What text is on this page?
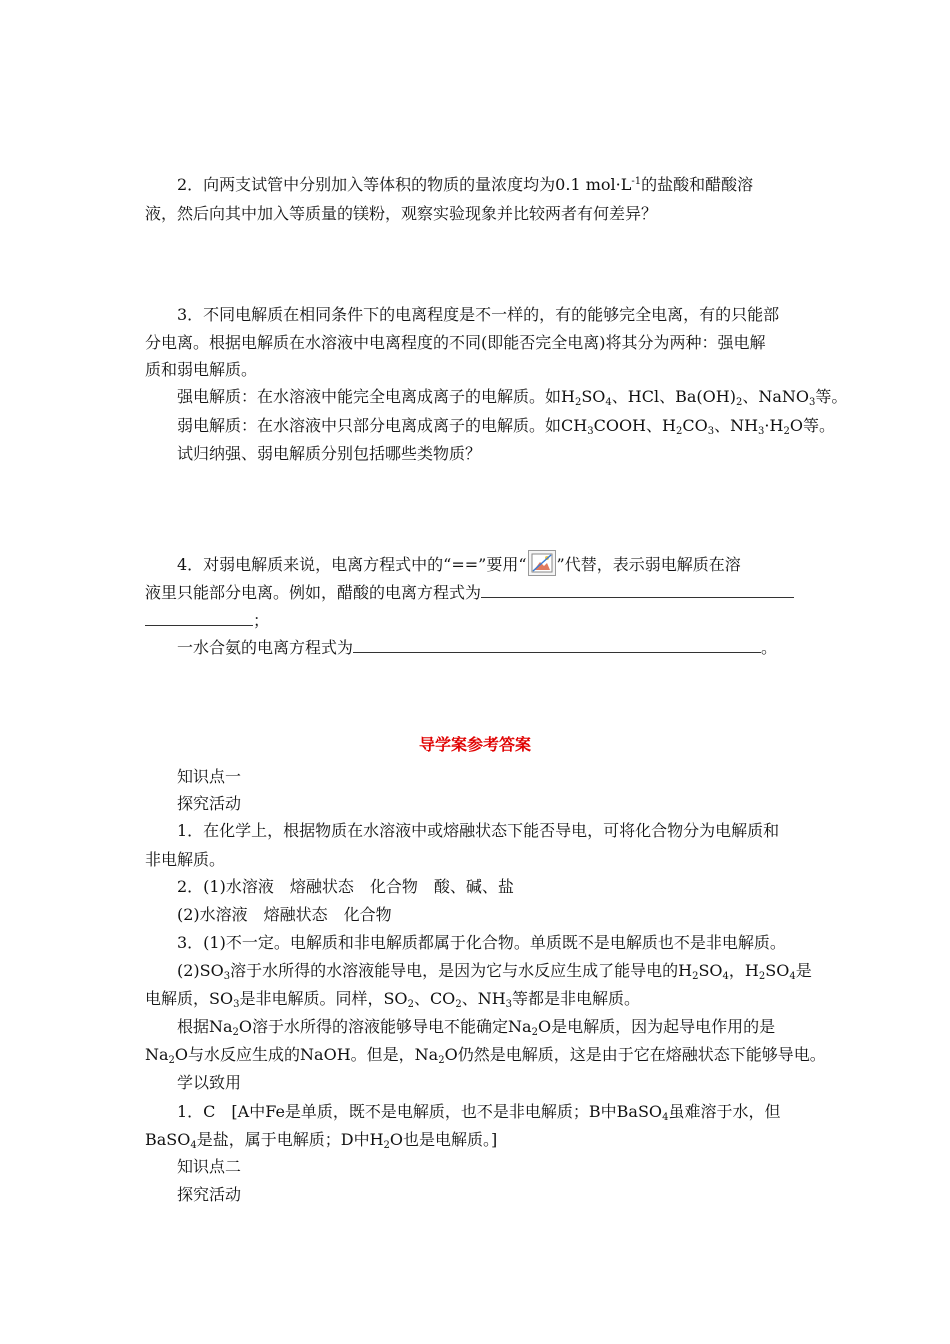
2．向两支试管中分别加入等体积的物质的量浓度均为0.1 $mol\cdot L^{-1}$的盐酸和醋酸溶
液，然后向其中加入等质量的镁粉，观察实验现象并比较两者有何差异？
3．不同电解质在相同条件下的电离程度是不一样的，有的能够完全电离，有的只能部
分电离。根据电解质在水溶液中电离程度的不同(即能否完全电离)将其分为两种：强电解
质和弱电解质。
强电解质：在水溶液中能完全电离成离子的电解质。如$H_2SO_4$、HCl、$Ba(OH)_2$、NaNO$_3$等。
弱电解质：在水溶液中只部分电离成离子的电解质。如$CH_3COOH$、$H_2CO_3$、$NH_3\cdot H_2O$等。
试归纳强、弱电解质分别包括哪些类物质？
4．对弱电解质来说，电离方程式中的“==”要用“ ”代替，表示弱电解质在溶
液里只能部分电离。例如，醋酸的电离方程式为
；
一水合氨的电离方程式为	。
导学案参考答案
知识点一
探究活动
1．在化学上，根据物质在水溶液中或熔融状态下能否导电，可将化合物分为电解质和
非电解质。
2．(1)水溶液　熔融状态　化合物　酸、碱、盐
(2)水溶液　熔融状态　化合物
3．(1)不一定。电解质和非电解质都属于化合物。单质既不是电解质也不是非电解质。
$(2)SO_3$溶于水所得的水溶液能导电，是因为它与水反应生成了能导电的$H_2SO_4$，$H_2SO_4$是
电解质，$SO_3$是非电解质。同样，$SO_2$、$CO_2$、$NH_3$等都是非电解质。
根据$Na_2O$溶于水所得的溶液能够导电不能确定$Na_2O$是电解质，因为起导电作用的是
$Na_2O$与水反应生成的NaOH。但是，$Na_2O$仍然是电解质，这是由于它在熔融状态下能够导电。
学以致用
1．C　[A中Fe是单质，既不是电解质，也不是非电解质；B中BaSO$_4$虽难溶于水，但
BaSO$_4$是盐，属于电解质；D中$H_2O$也是电解质。]
知识点二
探究活动
